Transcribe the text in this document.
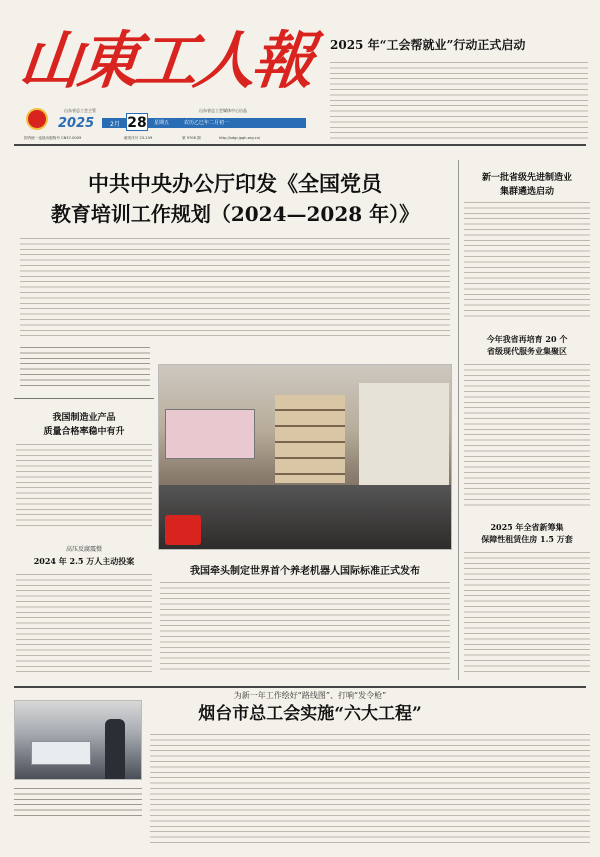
山東工人報
山东省总工会主管
2025	2月 28 星期五	农历乙巳年二月初一
山东省总工会媒体中心出品
国内统一连续出版物号 CN37-0009	邮发代号 23-139	第 9708 期	http://sdgr.jpgh.org.cn/
2025 年“工会帮就业”行动正式启动
中共中央办公厅印发《全国党员
教育培训工作规划（2024—2028 年）》
新一批省级先进制造业
集群遴选启动
今年我省再培育 20 个
省级现代服务业集聚区
2025 年全省新筹集
保障性租赁住房 1.5 万套
我国制造业产品
质量合格率稳中有升
高压反腐震慑
2024 年 2.5 万人主动投案
我国牵头制定世界首个养老机器人国际标准正式发布
为新一年工作绘好“路线图”、打响“发令枪”
烟台市总工会实施“六大工程”
